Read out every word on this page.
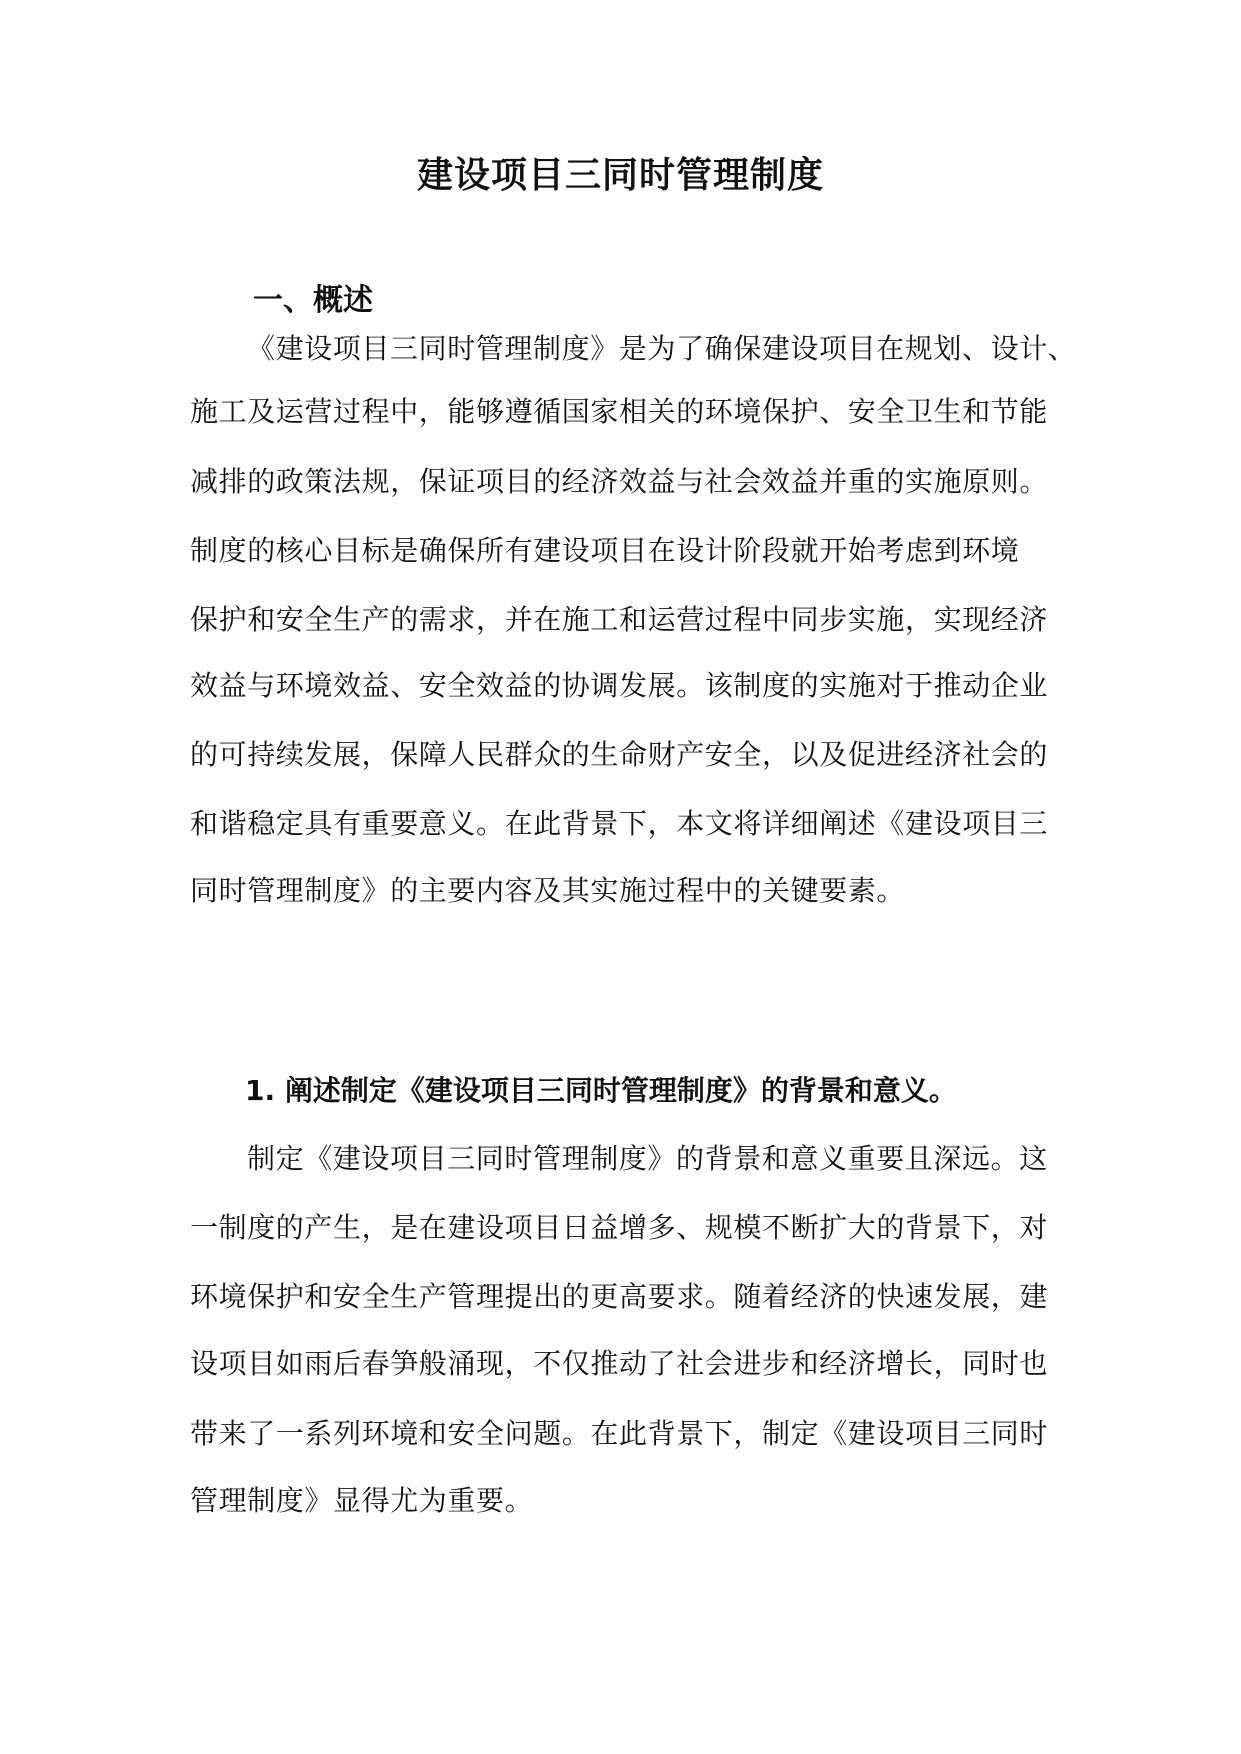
建设项目三同时管理制度
一、概述
《建设项目三同时管理制度》是为了确保建设项目在规划、设计、
施工及运营过程中，能够遵循国家相关的环境保护、安全卫生和节能
减排的政策法规，保证项目的经济效益与社会效益并重的实施原则。
制度的核心目标是确保所有建设项目在设计阶段就开始考虑到环境
保护和安全生产的需求，并在施工和运营过程中同步实施，实现经济
效益与环境效益、安全效益的协调发展。该制度的实施对于推动企业
的可持续发展，保障人民群众的生命财产安全，以及促进经济社会的
和谐稳定具有重要意义。在此背景下，本文将详细阐述《建设项目三
同时管理制度》的主要内容及其实施过程中的关键要素。
1. 阐述制定《建设项目三同时管理制度》的背景和意义。
制定《建设项目三同时管理制度》的背景和意义重要且深远。这
一制度的产生，是在建设项目日益增多、规模不断扩大的背景下，对
环境保护和安全生产管理提出的更高要求。随着经济的快速发展，建
设项目如雨后春笋般涌现，不仅推动了社会进步和经济增长，同时也
带来了一系列环境和安全问题。在此背景下，制定《建设项目三同时
管理制度》显得尤为重要。
